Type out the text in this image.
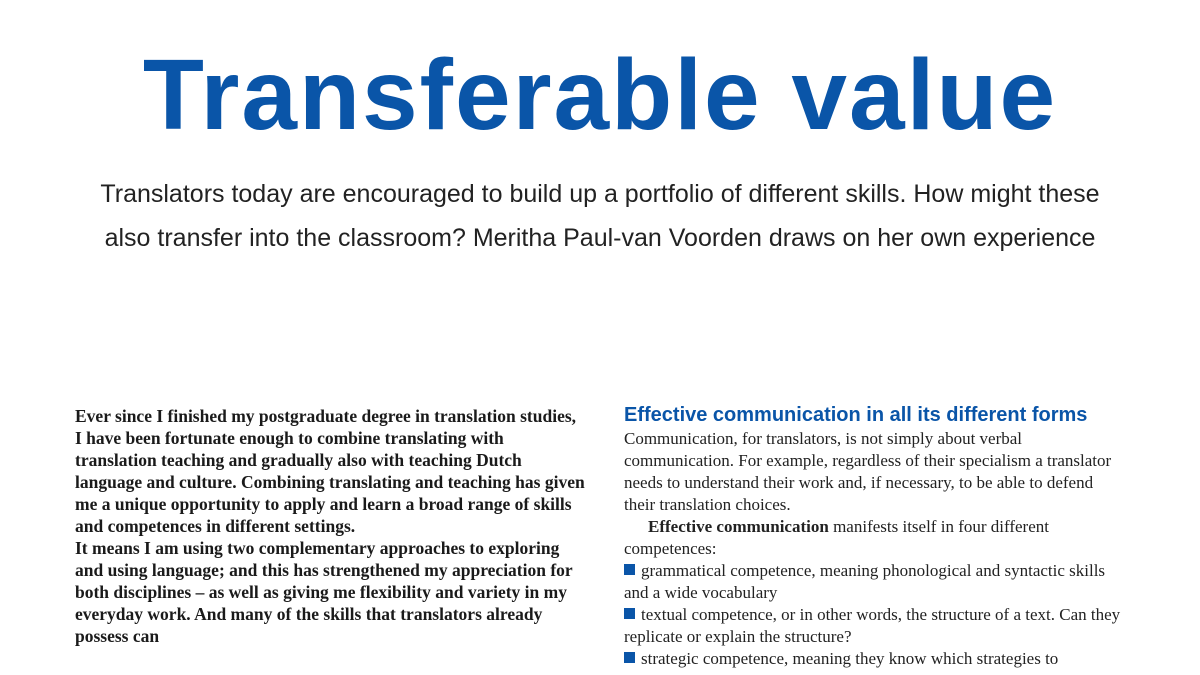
Transferable value
Translators today are encouraged to build up a portfolio of different skills. How might these
also transfer into the classroom? Meritha Paul-van Voorden draws on her own experience

Ever since I finished my postgraduate degree in translation studies, I have been fortunate enough to combine translating with translation teaching and gradually also with teaching Dutch language and culture. Combining translating and teaching has given me a unique opportunity to apply and learn a broad range of skills and competences in different settings.

It means I am using two complementary approaches to exploring and using language; and this has strengthened my appreciation for both disciplines – as well as giving me flexibility and variety in my everyday work. And many of the skills that translators already possess can

Effective communication in all its different forms

Communication, for translators, is not simply about verbal communication. For example, regardless of their specialism a translator needs to understand their work and, if necessary, to be able to defend their translation choices.

Effective communication manifests itself in four different competences:

grammatical competence, meaning phonological and syntactic skills and a wide vocabulary

textual competence, or in other words, the structure of a text. Can they replicate or explain the structure?

strategic competence, meaning they know which strategies to
